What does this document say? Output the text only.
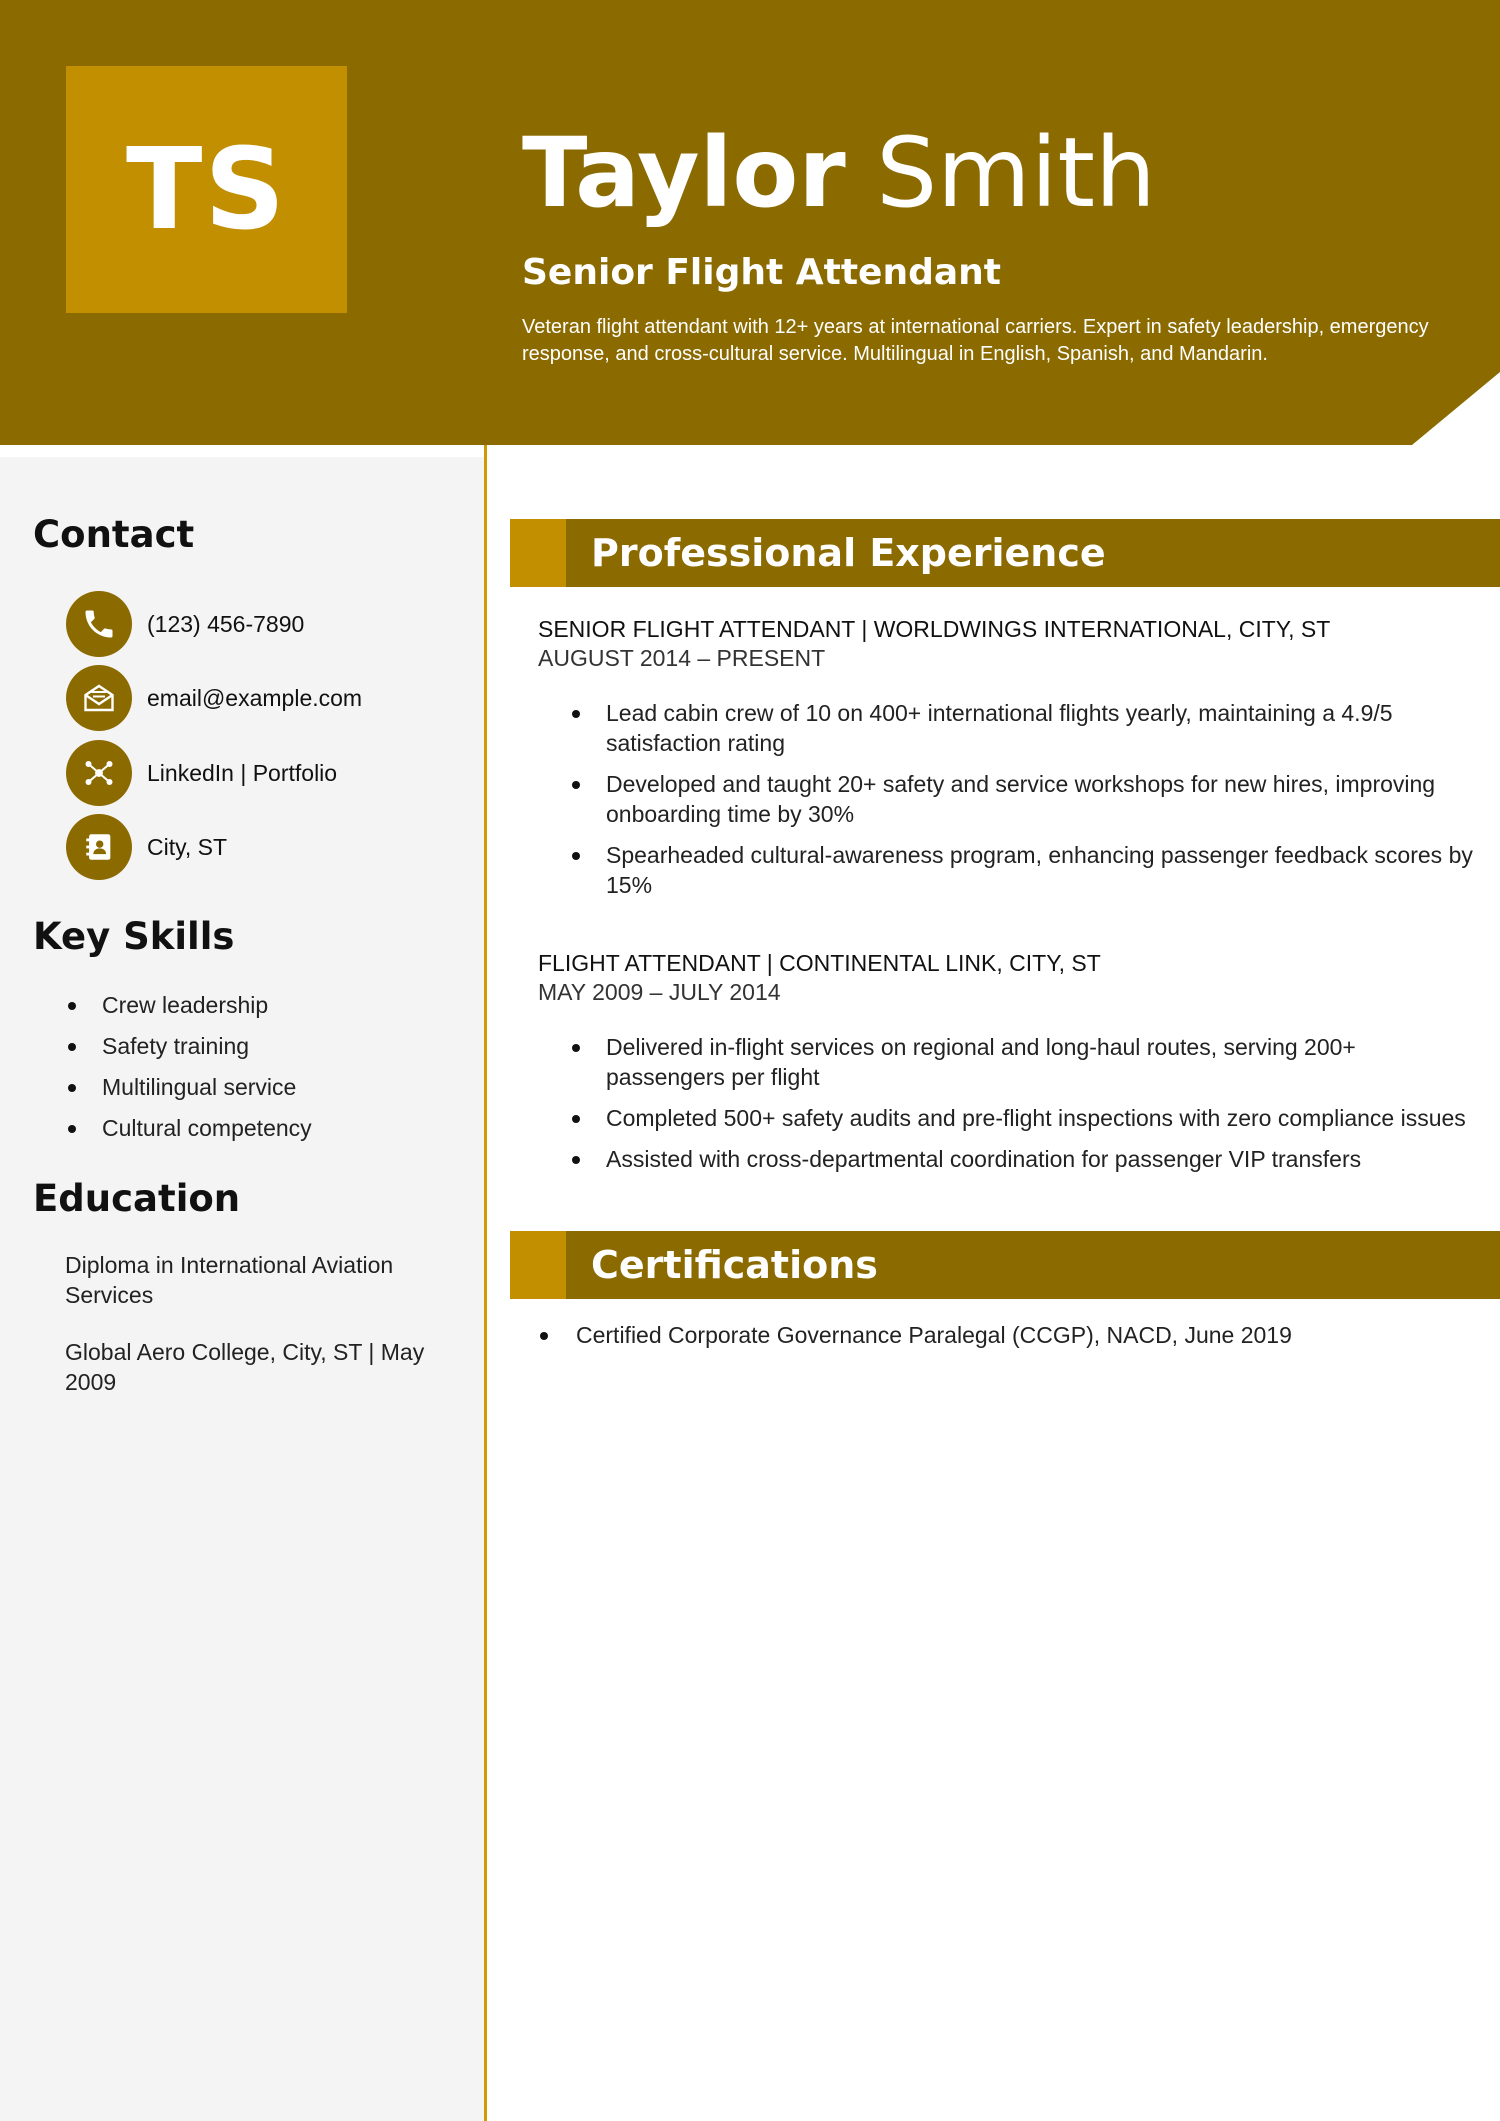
TS Taylor Smith
Senior Flight Attendant
Veteran flight attendant with 12+ years at international carriers. Expert in safety leadership, emergency response, and cross-cultural service. Multilingual in English, Spanish, and Mandarin.
Contact
(123) 456-7890
email@example.com
LinkedIn | Portfolio
City, ST
Key Skills
Crew leadership
Safety training
Multilingual service
Cultural competency
Education
Diploma in International Aviation Services
Global Aero College, City, ST | May 2009
Professional Experience
SENIOR FLIGHT ATTENDANT | WORLDWINGS INTERNATIONAL, CITY, ST
AUGUST 2014 – PRESENT
Lead cabin crew of 10 on 400+ international flights yearly, maintaining a 4.9/5 satisfaction rating
Developed and taught 20+ safety and service workshops for new hires, improving onboarding time by 30%
Spearheaded cultural-awareness program, enhancing passenger feedback scores by 15%
FLIGHT ATTENDANT | CONTINENTAL LINK, CITY, ST
MAY 2009 – JULY 2014
Delivered in-flight services on regional and long-haul routes, serving 200+ passengers per flight
Completed 500+ safety audits and pre-flight inspections with zero compliance issues
Assisted with cross-departmental coordination for passenger VIP transfers
Certifications
Certified Corporate Governance Paralegal (CCGP), NACD, June 2019
